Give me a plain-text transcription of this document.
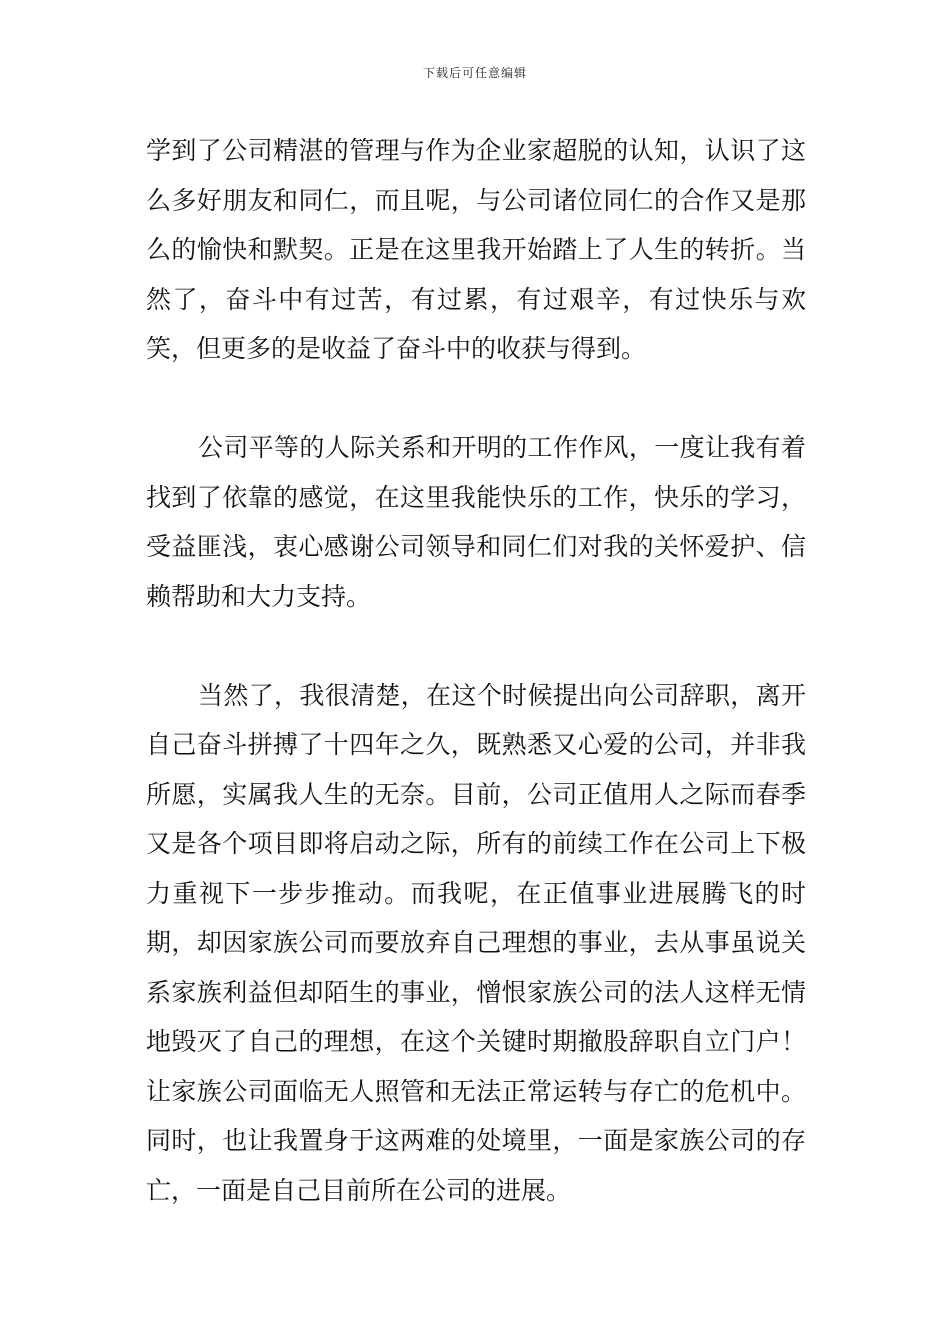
下载后可任意编辑

学到了公司精湛的管理与作为企业家超脱的认知，认识了这么多好朋友和同仁，而且呢，与公司诸位同仁的合作又是那么的愉快和默契。正是在这里我开始踏上了人生的转折。当然了，奋斗中有过苦，有过累，有过艰辛，有过快乐与欢笑，但更多的是收益了奋斗中的收获与得到。

公司平等的人际关系和开明的工作作风，一度让我有着找到了依靠的感觉，在这里我能快乐的工作，快乐的学习，受益匪浅，衷心感谢公司领导和同仁们对我的关怀爱护、信赖帮助和大力支持。

当然了，我很清楚，在这个时候提出向公司辞职，离开自己奋斗拼搏了十四年之久，既熟悉又心爱的公司，并非我所愿，实属我人生的无奈。目前，公司正值用人之际而春季又是各个项目即将启动之际，所有的前续工作在公司上下极力重视下一步步推动。而我呢，在正值事业进展腾飞的时期，却因家族公司而要放弃自己理想的事业，去从事虽说关系家族利益但却陌生的事业，憎恨家族公司的法人这样无情地毁灭了自己的理想，在这个关键时期撤股辞职自立门户！让家族公司面临无人照管和无法正常运转与存亡的危机中。同时，也让我置身于这两难的处境里，一面是家族公司的存亡，一面是自己目前所在公司的进展。
